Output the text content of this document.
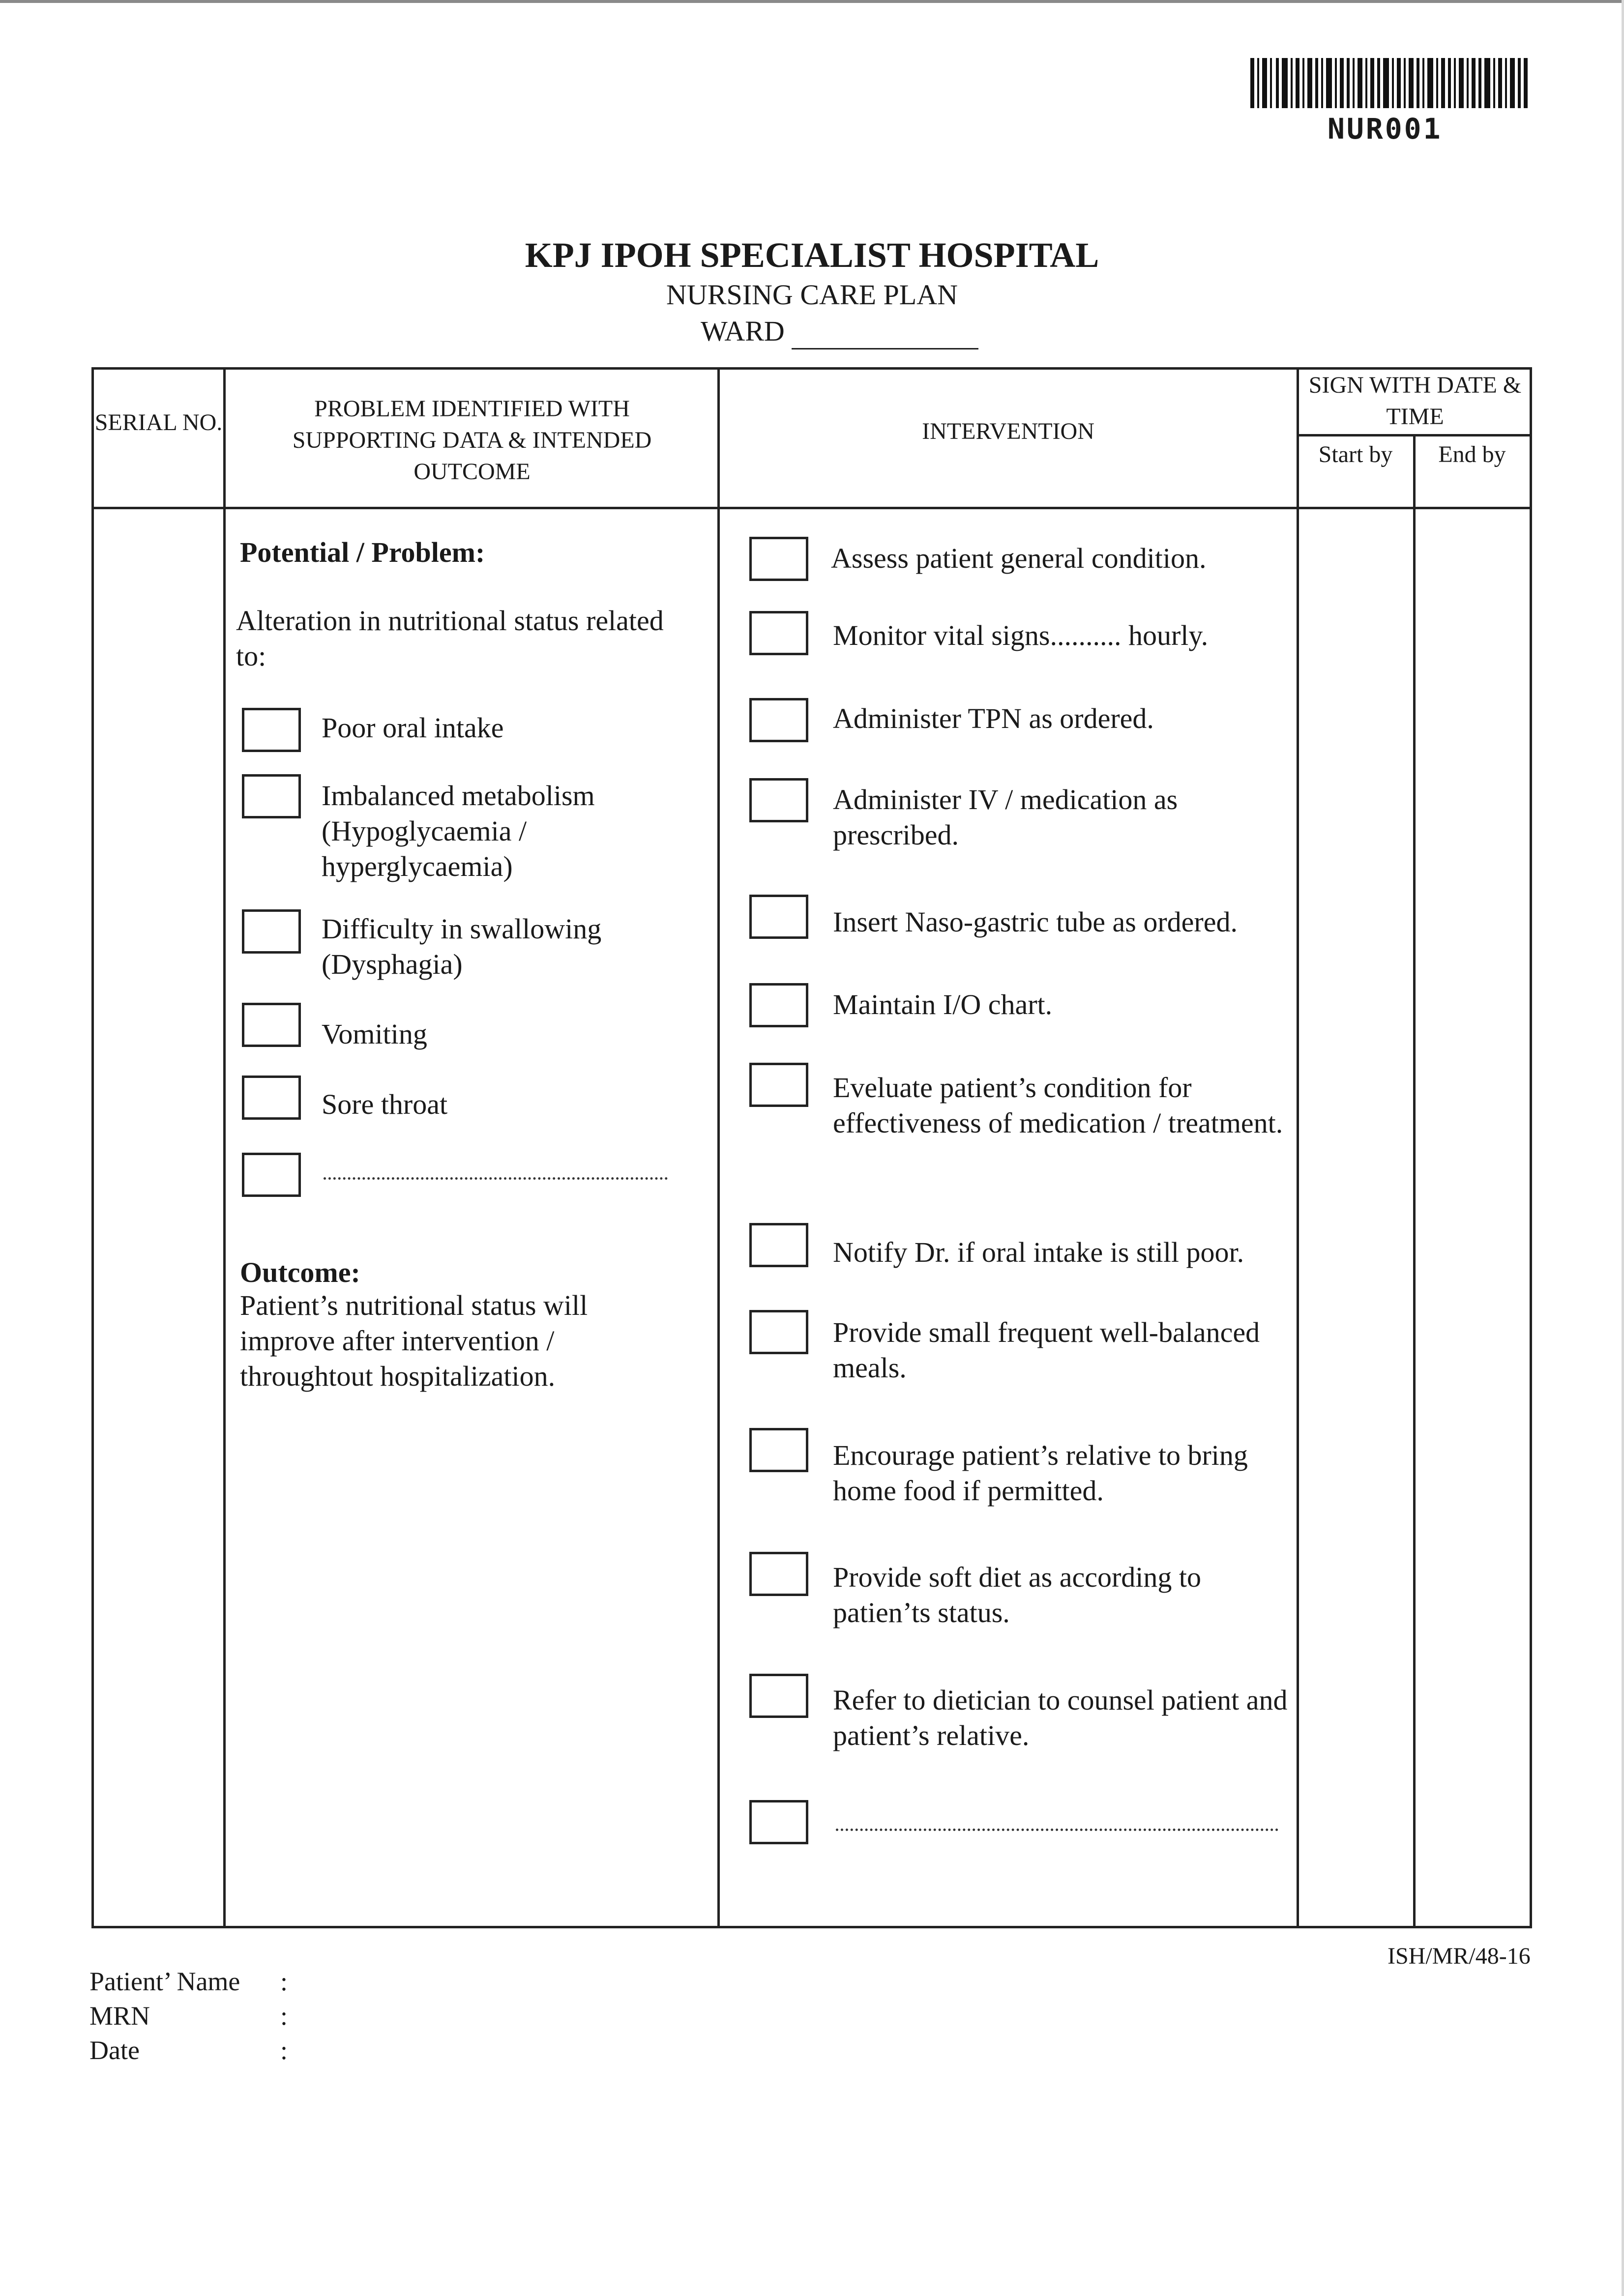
NUR001
KPJ IPOH SPECIALIST HOSPITAL
NURSING CARE PLAN
WARD
SERIAL NO.
PROBLEM IDENTIFIED WITH SUPPORTING DATA & INTENDED OUTCOME
INTERVENTION
SIGN WITH DATE & TIME
Start by	End by
Potential / Problem:
Alteration in nutritional status related to:
Poor oral intake
Imbalanced metabolism (Hypoglycaemia / hyperglycaemia)
Difficulty in swallowing (Dysphagia)
Vomiting
Sore throat
Outcome:
Patient’s nutritional status will improve after intervention / throughtout hospitalization.
Assess patient general condition.
Monitor vital signs.......... hourly.
Administer TPN as ordered.
Administer IV / medication as prescribed.
Insert Naso-gastric tube as ordered.
Maintain I/O chart.
Eveluate patient’s condition for effectiveness of medication / treatment.
Notify Dr. if oral intake is still poor.
Provide small frequent well-balanced meals.
Encourage patient’s relative to bring home food if permitted.
Provide soft diet as according to patien’ts status.
Refer to dietician to counsel patient and patient’s relative.
ISH/MR/48-16
Patient’ Name :
MRN	:
Date	:
